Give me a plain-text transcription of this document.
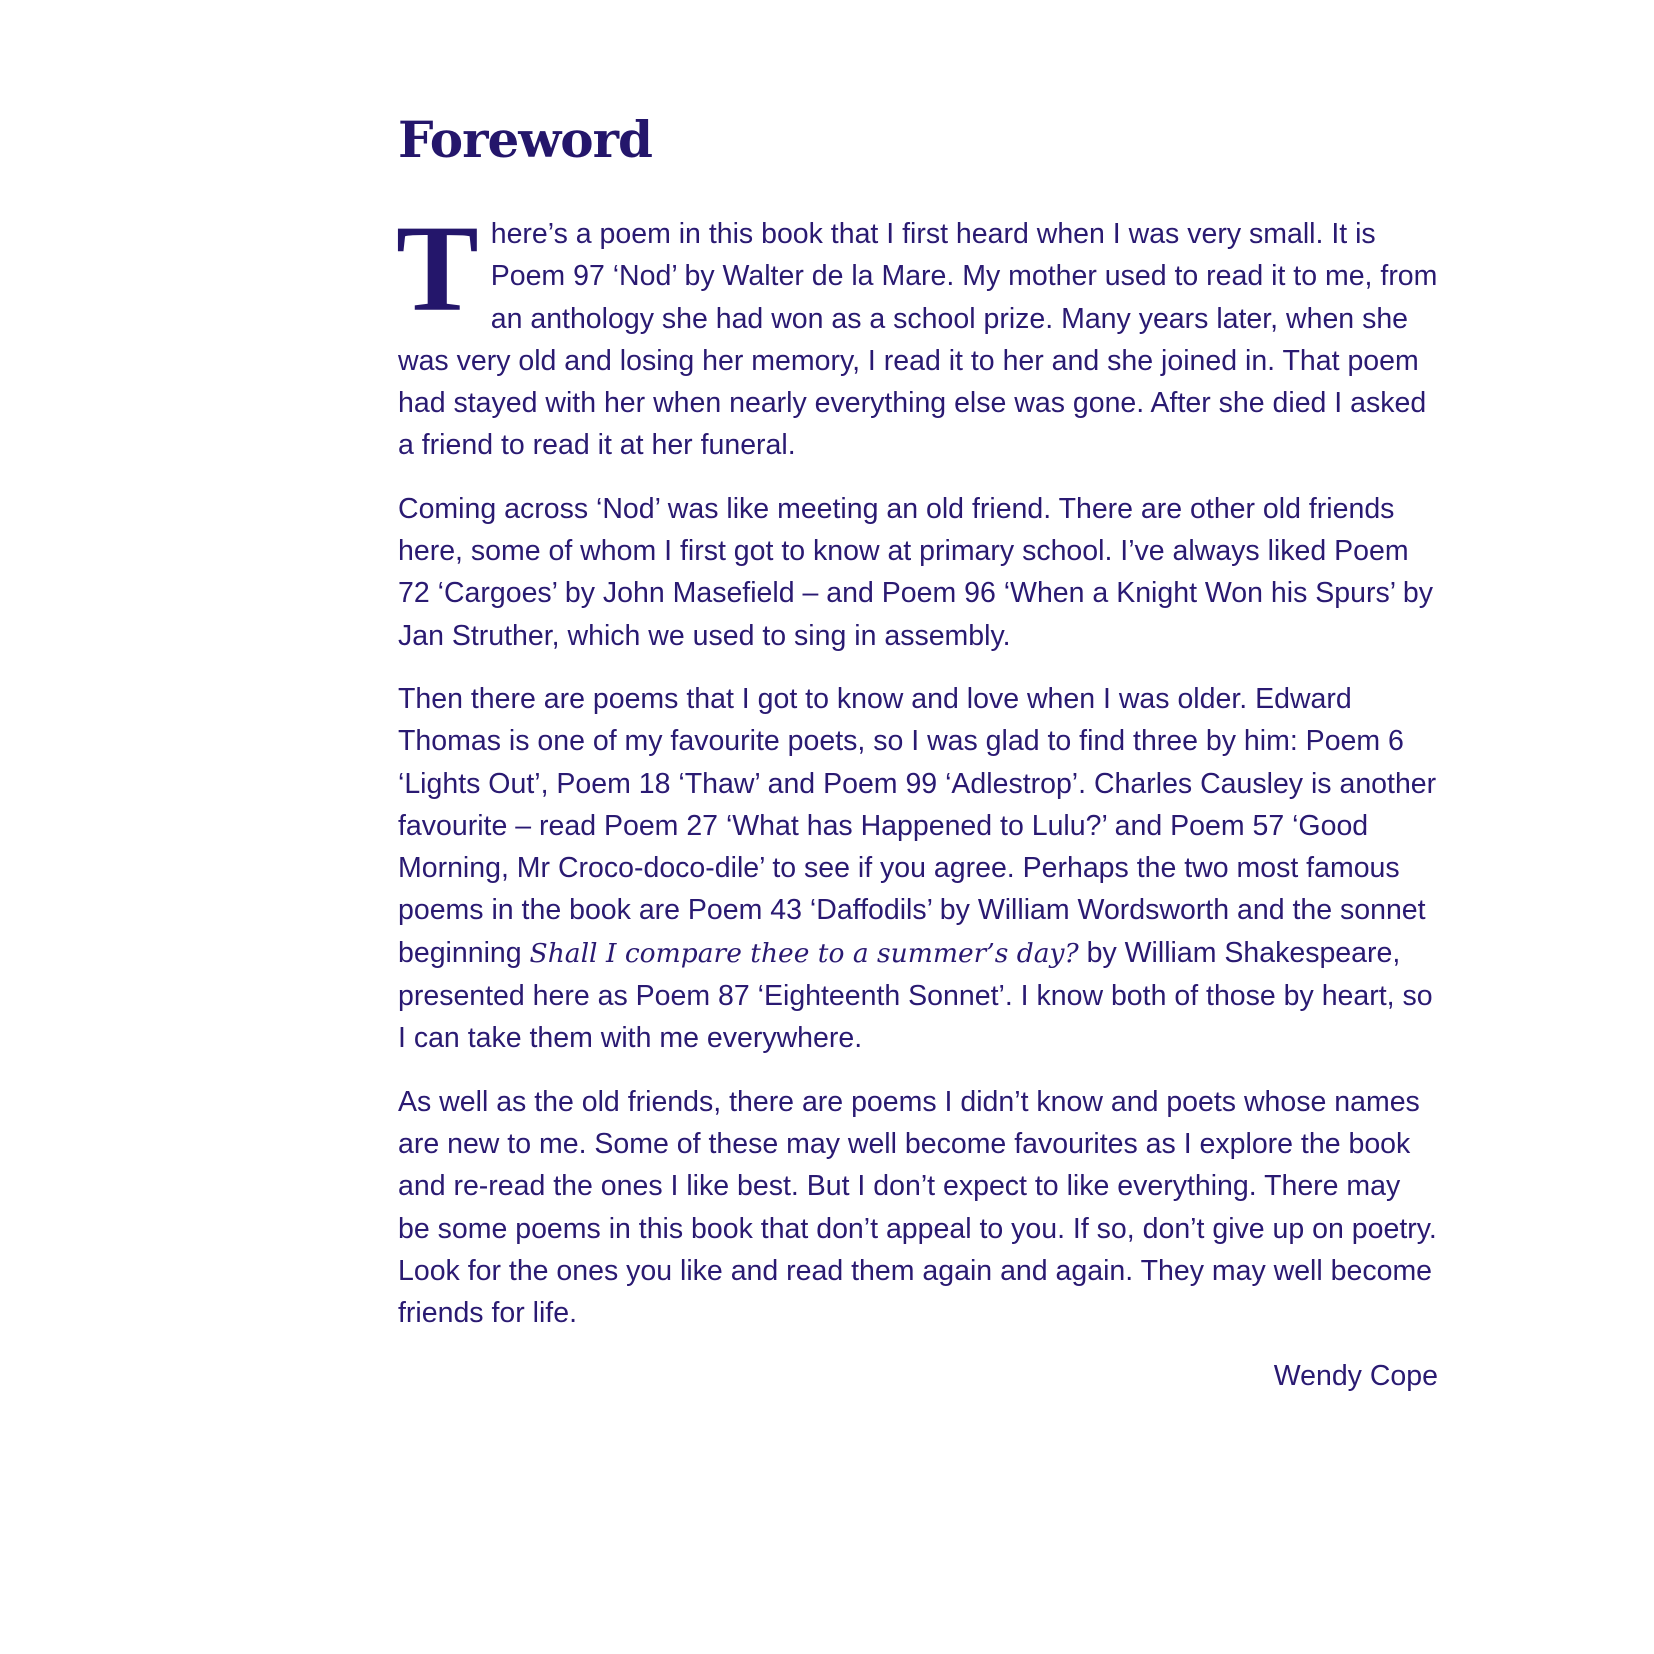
Foreword

There’s a poem in this book that I first heard when I was very small. It is Poem 97 ‘Nod’ by Walter de la Mare. My mother used to read it to me, from an anthology she had won as a school prize. Many years later, when she was very old and losing her memory, I read it to her and she joined in. That poem had stayed with her when nearly everything else was gone. After she died I asked a friend to read it at her funeral.

Coming across ‘Nod’ was like meeting an old friend. There are other old friends here, some of whom I first got to know at primary school. I’ve always liked Poem 72 ‘Cargoes’ by John Masefield – and Poem 96 ‘When a Knight Won his Spurs’ by Jan Struther, which we used to sing in assembly.

Then there are poems that I got to know and love when I was older. Edward Thomas is one of my favourite poets, so I was glad to find three by him: Poem 6 ‘Lights Out’, Poem 18 ‘Thaw’ and Poem 99 ‘Adlestrop’. Charles Causley is another favourite – read Poem 27 ‘What has Happened to Lulu?’ and Poem 57 ‘Good Morning, Mr Croco-doco-dile’ to see if you agree. Perhaps the two most famous poems in the book are Poem 43 ‘Daffodils’ by William Wordsworth and the sonnet beginning Shall I compare thee to a summer’s day? by William Shakespeare, presented here as Poem 87 ‘Eighteenth Sonnet’. I know both of those by heart, so I can take them with me everywhere.

As well as the old friends, there are poems I didn’t know and poets whose names are new to me. Some of these may well become favourites as I explore the book and re-read the ones I like best. But I don’t expect to like everything. There may be some poems in this book that don’t appeal to you. If so, don’t give up on poetry. Look for the ones you like and read them again and again. They may well become friends for life.

Wendy Cope
